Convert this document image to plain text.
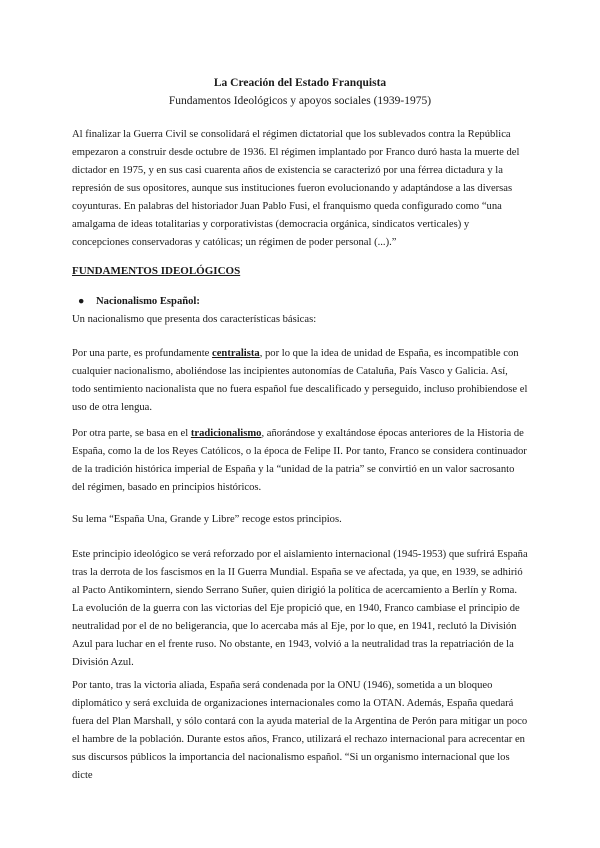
La Creación del Estado Franquista
Fundamentos Ideológicos y apoyos sociales (1939-1975)

Al finalizar la Guerra Civil se consolidará el régimen dictatorial que los sublevados contra la República empezaron a construir desde octubre de 1936. El régimen implantado por Franco duró hasta la muerte del dictador en 1975, y en sus casi cuarenta años de existencia se caracterizó por una férrea dictadura y la represión de sus opositores, aunque sus instituciones fueron evolucionando y adaptándose a las diversas coyunturas. En palabras del historiador Juan Pablo Fusi, el franquismo queda configurado como “una amalgama de ideas totalitarias y corporativistas (democracia orgánica, sindicatos verticales) y concepciones conservadoras y católicas; un régimen de poder personal (...).”

FUNDAMENTOS IDEOLÓGICOS
● Nacionalismo Español:

Un nacionalismo que presenta dos características básicas:

Por una parte, es profundamente centralista, por lo que la idea de unidad de España, es incompatible con cualquier nacionalismo, aboliéndose las incipientes autonomías de Cataluña, País Vasco y Galicia. Así, todo sentimiento nacionalista que no fuera español fue descalificado y perseguido, incluso prohibiendose el uso de otra lengua.

Por otra parte, se basa en el tradicionalismo, añorándose y exaltándose épocas anteriores de la Historia de España, como la de los Reyes Católicos, o la época de Felipe II. Por tanto, Franco se considera continuador de la tradición histórica imperial de España y la “unidad de la patria” se convirtió en un valor sacrosanto del régimen, basado en principios históricos.

Su lema “España Una, Grande y Libre” recoge estos principios.

Este principio ideológico se verá reforzado por el aislamiento internacional (1945-1953) que sufrirá España tras la derrota de los fascismos en la II Guerra Mundial. España se ve afectada, ya que, en 1939, se adhirió al Pacto Antikomintern, siendo Serrano Suñer, quien dirigió la política de acercamiento a Berlín y Roma. La evolución de la guerra con las victorias del Eje propició que, en 1940, Franco cambiase el principio de neutralidad por el de no beligerancia, que lo acercaba más al Eje, por lo que, en 1941, reclutó la División Azul para luchar en el frente ruso. No obstante, en 1943, volvió a la neutralidad tras la repatriación de la División Azul.

Por tanto, tras la victoria aliada, España será condenada por la ONU (1946), sometida a un bloqueo diplomático y será excluida de organizaciones internacionales como la OTAN. Además, España quedará fuera del Plan Marshall, y sólo contará con la ayuda material de la Argentina de Perón para mitigar un poco el hambre de la población. Durante estos años, Franco, utilizará el rechazo internacional para acrecentar en sus discursos públicos la importancia del nacionalismo español. “Si un organismo internacional que los dicte
